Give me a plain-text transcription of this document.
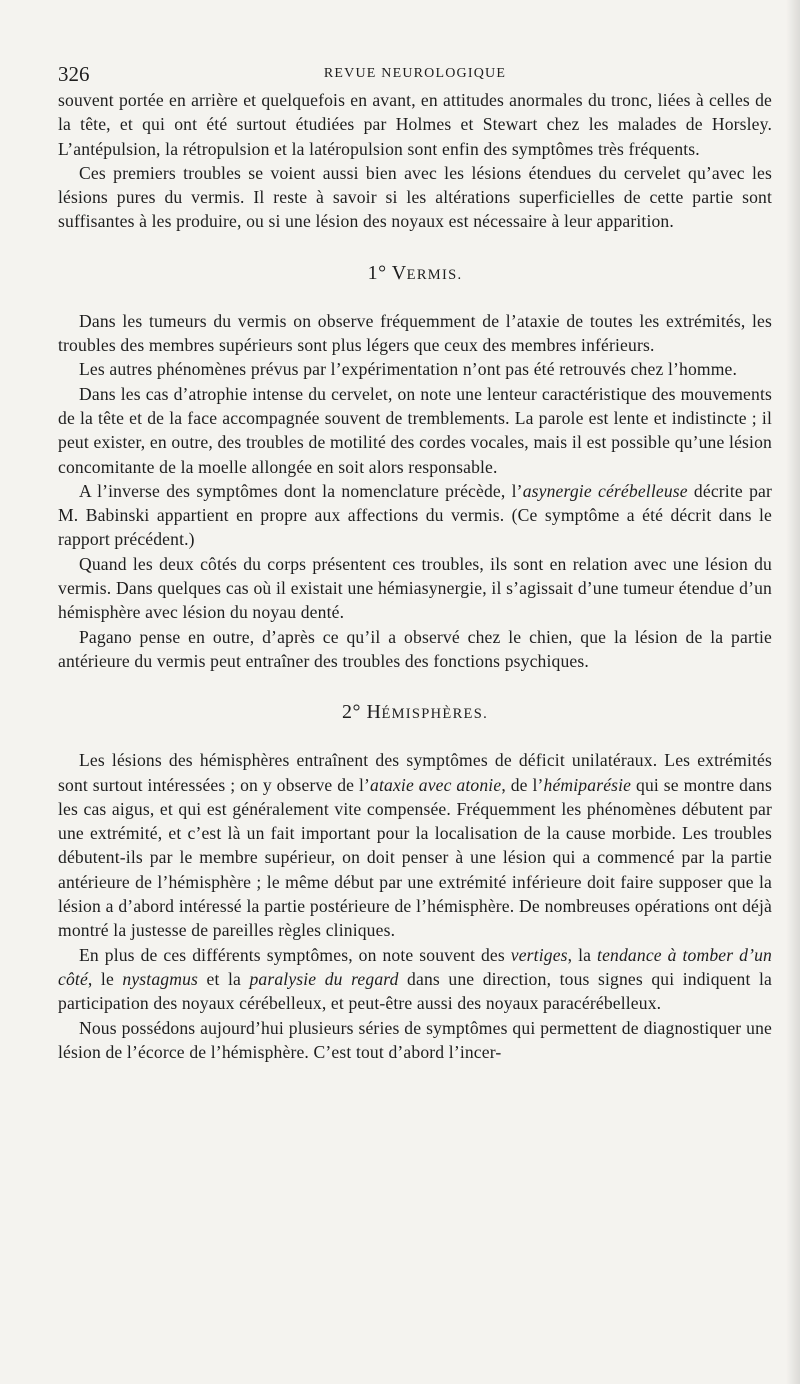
326	REVUE NEUROLOGIQUE

souvent portée en arrière et quelquefois en avant, en attitudes anormales du tronc, liées à celles de la tête, et qui ont été surtout étudiées par Holmes et Stewart chez les malades de Horsley. L’antépulsion, la rétropulsion et la latéropulsion sont enfin des symptômes très fréquents.

Ces premiers troubles se voient aussi bien avec les lésions étendues du cervelet qu’avec les lésions pures du vermis. Il reste à savoir si les altérations superficielles de cette partie sont suffisantes à les produire, ou si une lésion des noyaux est nécessaire à leur apparition.

1° VERMIS.

Dans les tumeurs du vermis on observe fréquemment de l’ataxie de toutes les extrémités, les troubles des membres supérieurs sont plus légers que ceux des membres inférieurs.

Les autres phénomènes prévus par l’expérimentation n’ont pas été retrouvés chez l’homme.

Dans les cas d’atrophie intense du cervelet, on note une lenteur caractéristique des mouvements de la tête et de la face accompagnée souvent de tremblements. La parole est lente et indistincte ; il peut exister, en outre, des troubles de motilité des cordes vocales, mais il est possible qu’une lésion concomitante de la moelle allongée en soit alors responsable.

A l’inverse des symptômes dont la nomenclature précède, l’asynergie cérébelleuse décrite par M. Babinski appartient en propre aux affections du vermis. (Ce symptôme a été décrit dans le rapport précédent.)

Quand les deux côtés du corps présentent ces troubles, ils sont en relation avec une lésion du vermis. Dans quelques cas où il existait une hémiasynergie, il s’agissait d’une tumeur étendue d’un hémisphère avec lésion du noyau denté.

Pagano pense en outre, d’après ce qu’il a observé chez le chien, que la lésion de la partie antérieure du vermis peut entraîner des troubles des fonctions psychiques.

2° HÉMISPHÈRES.

Les lésions des hémisphères entraînent des symptômes de déficit unilatéraux. Les extrémités sont surtout intéressées ; on y observe de l’ataxie avec atonie, de l’hémiparésie qui se montre dans les cas aigus, et qui est généralement vite compensée. Fréquemment les phénomènes débutent par une extrémité, et c’est là un fait important pour la localisation de la cause morbide. Les troubles débutent-ils par le membre supérieur, on doit penser à une lésion qui a commencé par la partie antérieure de l’hémisphère ; le même début par une extrémité inférieure doit faire supposer que la lésion a d’abord intéressé la partie postérieure de l’hémisphère. De nombreuses opérations ont déjà montré la justesse de pareilles règles cliniques.

En plus de ces différents symptômes, on note souvent des vertiges, la tendance à tomber d’un côté, le nystagmus et la paralysie du regard dans une direction, tous signes qui indiquent la participation des noyaux cérébelleux, et peut-être aussi des noyaux paracérébelleux.

Nous possédons aujourd’hui plusieurs séries de symptômes qui permettent de diagnostiquer une lésion de l’écorce de l’hémisphère. C’est tout d’abord l’incer-
